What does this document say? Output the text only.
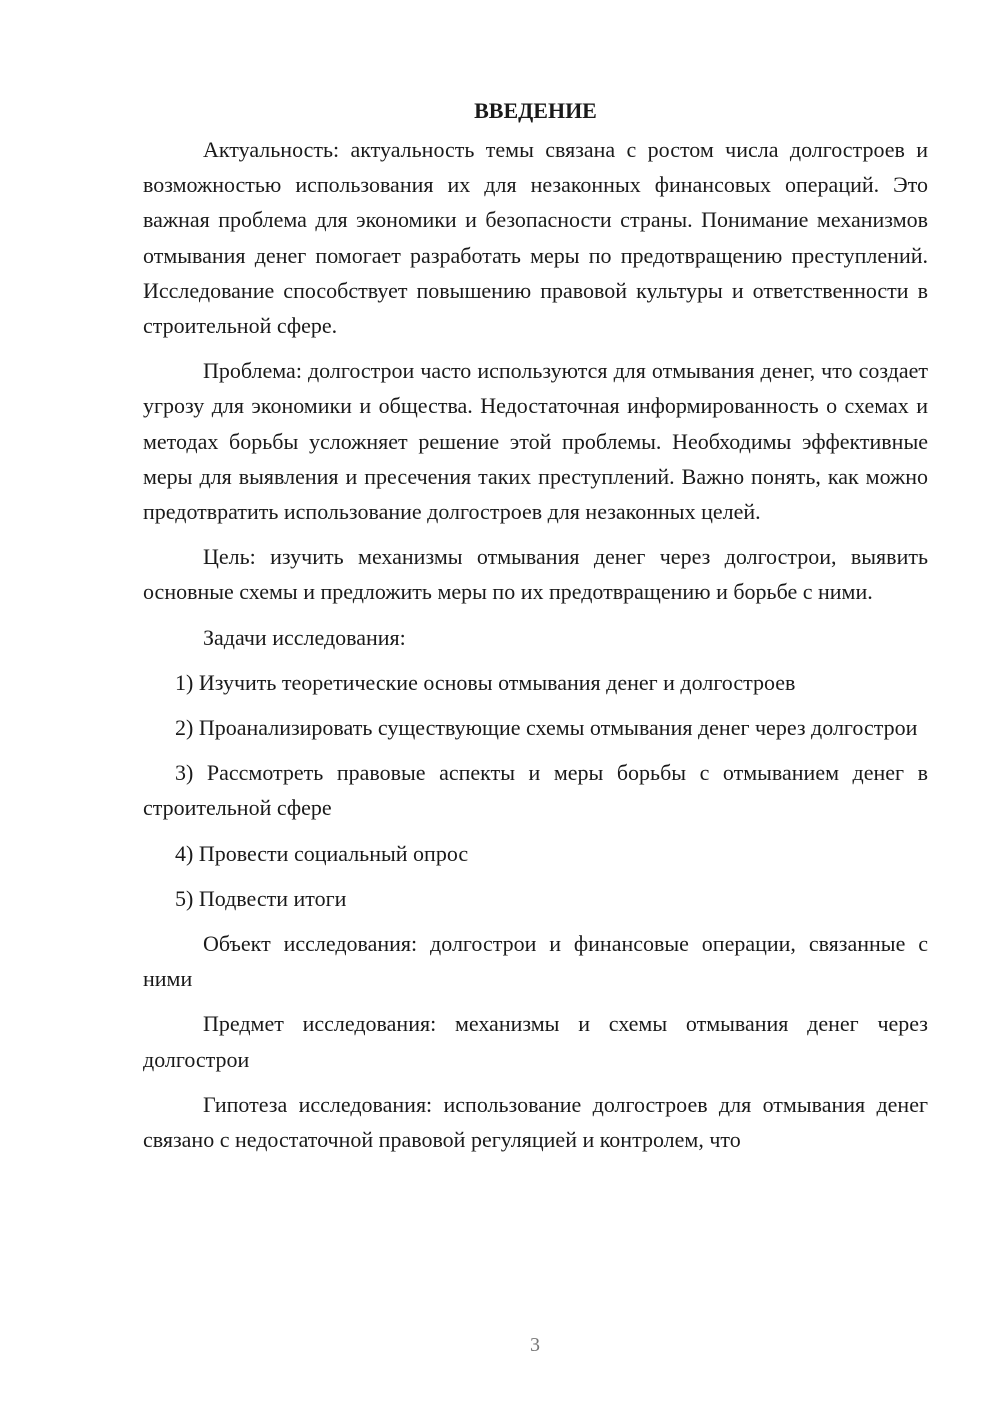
ВВЕДЕНИЕ

Актуальность: актуальность темы связана с ростом числа долгостроев и возможностью использования их для незаконных финансовых операций. Это важная проблема для экономики и безопасности страны. Понимание механизмов отмывания денег помогает разработать меры по предотвращению преступлений. Исследование способствует повышению правовой культуры и ответственности в строительной сфере.

Проблема: долгострои часто используются для отмывания денег, что создает угрозу для экономики и общества. Недостаточная информированность о схемах и методах борьбы усложняет решение этой проблемы. Необходимы эффективные меры для выявления и пресечения таких преступлений. Важно понять, как можно предотвратить использование долгостроев для незаконных целей.

Цель: изучить механизмы отмывания денег через долгострои, выявить основные схемы и предложить меры по их предотвращению и борьбе с ними.

Задачи исследования:

1) Изучить теоретические основы отмывания денег и долгостроев

2) Проанализировать существующие схемы отмывания денег через долгострои

3) Рассмотреть правовые аспекты и меры борьбы с отмыванием денег в строительной сфере

4) Провести социальный опрос

5) Подвести итоги

Объект исследования: долгострои и финансовые операции, связанные с ними

Предмет исследования: механизмы и схемы отмывания денег через долгострои

Гипотеза исследования: использование долгостроев для отмывания денег связано с недостаточной правовой регуляцией и контролем, что

3
